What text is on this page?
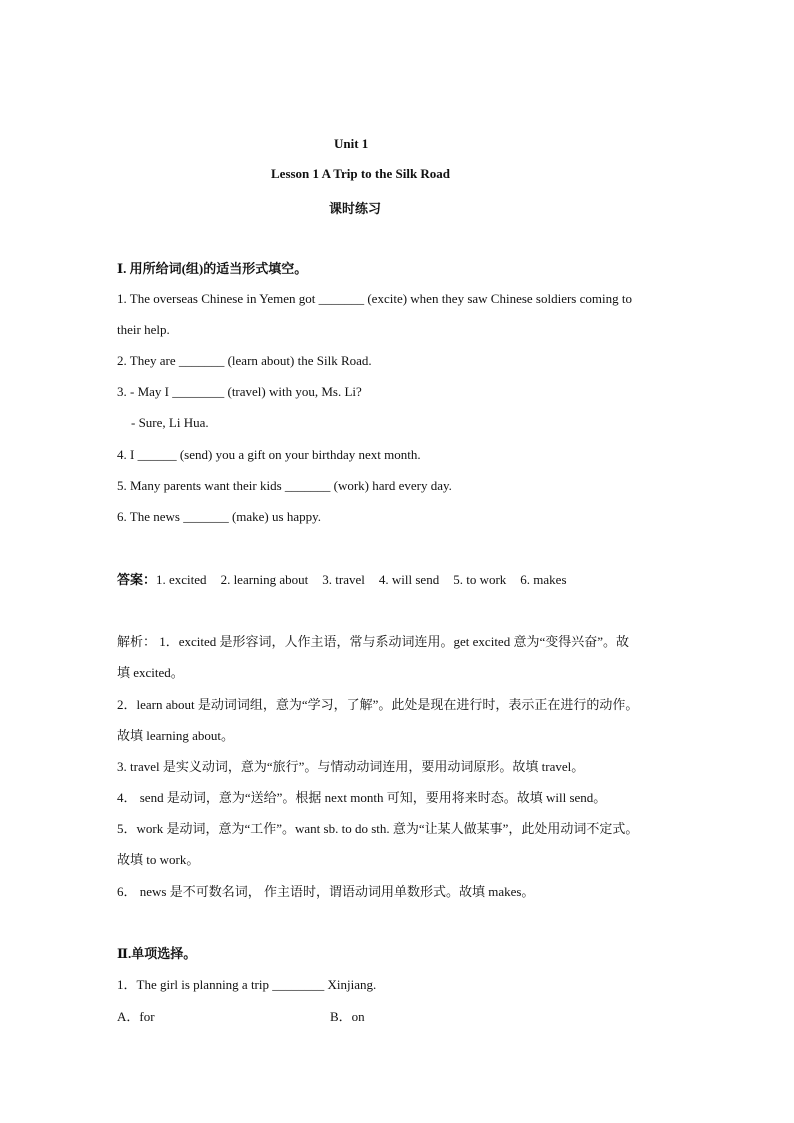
Unit 1
Lesson 1 A Trip to the Silk Road
课时练习
Ⅰ. 用所给词(组)的适当形式填空。
1. The overseas Chinese in Yemen got _______ (excite) when they saw Chinese soldiers coming to
their help.
2. They are _______ (learn about) the Silk Road.
3. - May I ________ (travel) with you, Ms. Li?
- Sure, Li Hua.
4. I ______ (send) you a gift on your birthday next month.
5. Many parents want their kids _______ (work) hard every day.
6. The news _______ (make) us happy.
答案：1. excited 2. learning about 3. travel 4. will send 5. to work 6. makes
解析： 1．excited 是形容词，人作主语，常与系动词连用。get excited 意为“变得兴奋”。故
填 excited。
2．learn about 是动词词组，意为“学习，了解”。此处是现在进行时，表示正在进行的动作。
故填 learning about。
3. travel 是实义动词，意为“旅行”。与情动动词连用，要用动词原形。故填 travel。
4． send 是动词，意为“送给”。根据 next month 可知，要用将来时态。故填 will send。
5．work 是动词，意为“工作”。want sb. to do sth. 意为“让某人做某事”，此处用动词不定式。
故填 to work。
6． news 是不可数名词， 作主语时，谓语动词用单数形式。故填 makes。
Ⅱ.单项选择。
1．The girl is planning a trip ________ Xinjiang.
A．for	B．on
